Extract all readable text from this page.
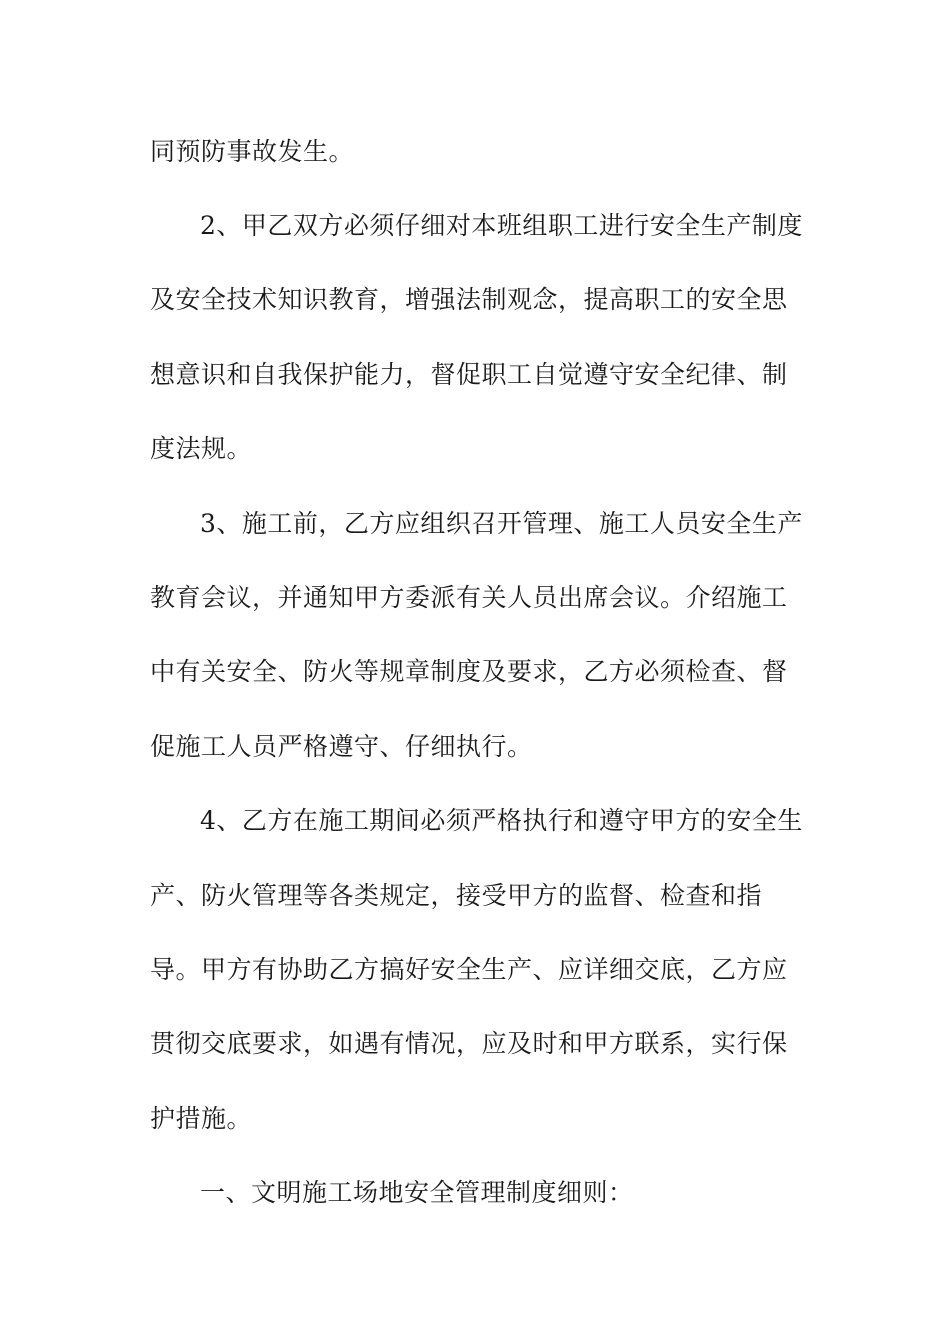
同预防事故发生。
2、甲乙双方必须仔细对本班组职工进行安全生产制度
及安全技术知识教育，增强法制观念，提高职工的安全思
想意识和自我保护能力，督促职工自觉遵守安全纪律、制
度法规。
3、施工前，乙方应组织召开管理、施工人员安全生产
教育会议，并通知甲方委派有关人员出席会议。介绍施工
中有关安全、防火等规章制度及要求，乙方必须检查、督
促施工人员严格遵守、仔细执行。
4、乙方在施工期间必须严格执行和遵守甲方的安全生
产、防火管理等各类规定，接受甲方的监督、检查和指
导。甲方有协助乙方搞好安全生产、应详细交底，乙方应
贯彻交底要求，如遇有情况，应及时和甲方联系，实行保
护措施。
一、文明施工场地安全管理制度细则：
